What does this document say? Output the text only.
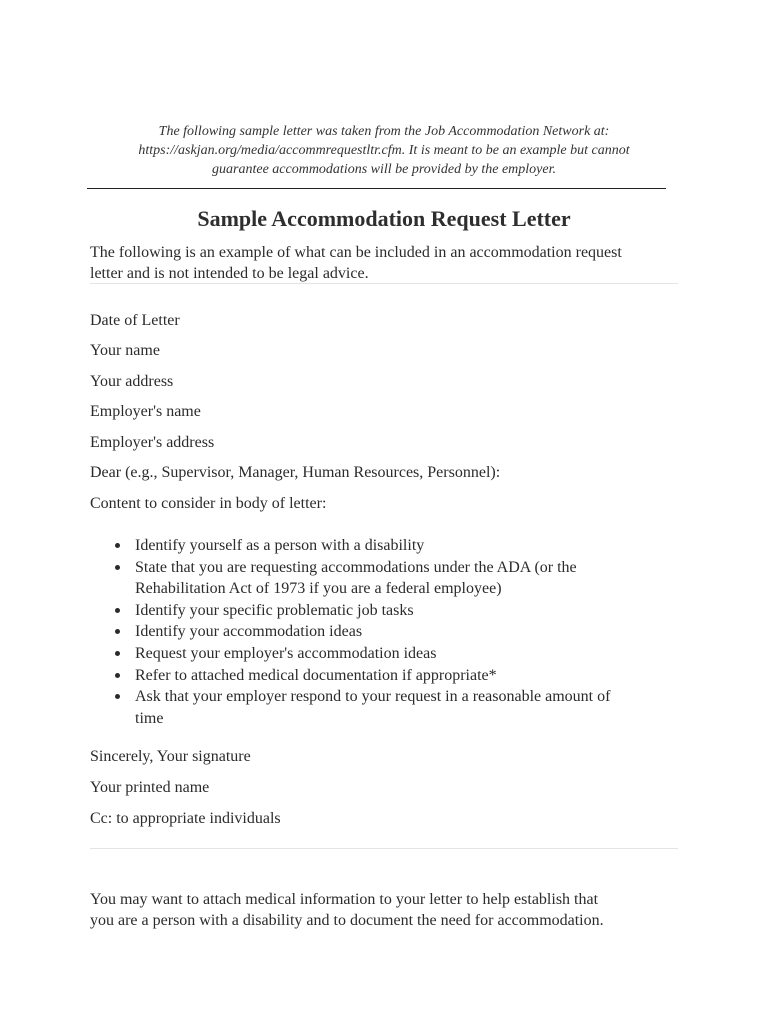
The following sample letter was taken from the Job Accommodation Network at:
https://askjan.org/media/accommrequestltr.cfm. It is meant to be an example but cannot
guarantee accommodations will be provided by the employer.
Sample Accommodation Request Letter
The following is an example of what can be included in an accommodation request
letter and is not intended to be legal advice.
Date of Letter
Your name
Your address
Employer's name
Employer's address
Dear (e.g., Supervisor, Manager, Human Resources, Personnel):
Content to consider in body of letter:
Identify yourself as a person with a disability
State that you are requesting accommodations under the ADA (or the
Rehabilitation Act of 1973 if you are a federal employee)
Identify your specific problematic job tasks
Identify your accommodation ideas
Request your employer's accommodation ideas
Refer to attached medical documentation if appropriate*
Ask that your employer respond to your request in a reasonable amount of
time
Sincerely, Your signature
Your printed name
Cc: to appropriate individuals
You may want to attach medical information to your letter to help establish that
you are a person with a disability and to document the need for accommodation.
